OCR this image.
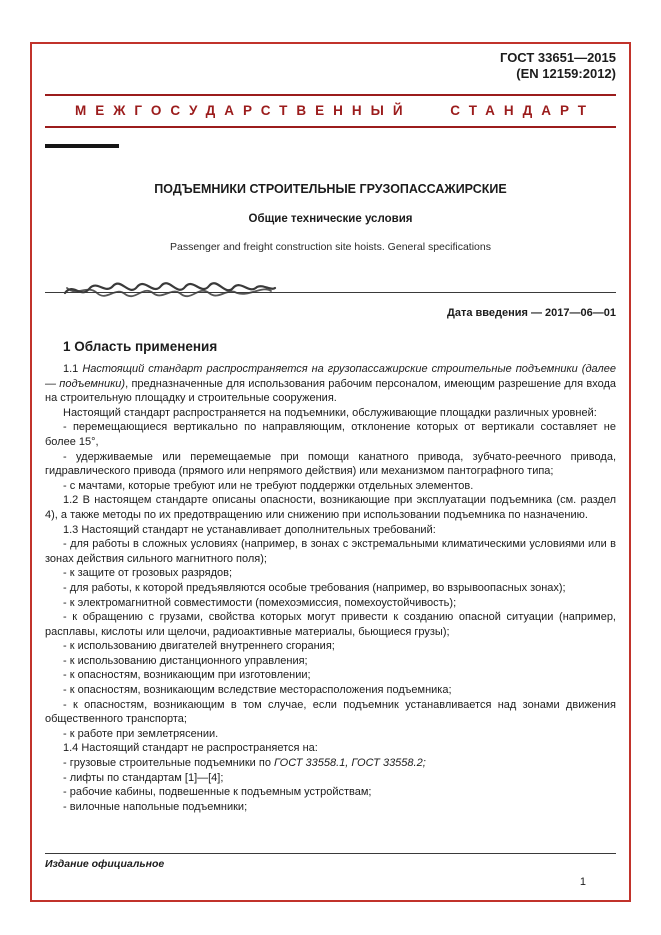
ГОСТ 33651—2015
(EN 12159:2012)
МЕЖГОСУДАРСТВЕННЫЙ СТАНДАРТ
ПОДЪЕМНИКИ СТРОИТЕЛЬНЫЕ ГРУЗОПАССАЖИРСКИЕ
Общие технические условия
Passenger and freight construction site hoists. General specifications
Дата введения — 2017—06—01
1 Область применения

1.1 Настоящий стандарт распространяется на грузопассажирские строительные подъемники (далее — подъемники), предназначенные для использования рабочим персоналом, имеющим разрешение для входа на строительную площадку и строительные сооружения.

Настоящий стандарт распространяется на подъемники, обслуживающие площадки различных уровней:

- перемещающиеся вертикально по направляющим, отклонение которых от вертикали составляет не более 15°,

- удерживаемые или перемещаемые при помощи канатного привода, зубчато-реечного привода, гидравлического привода (прямого или непрямого действия) или механизмом пантографного типа;

- с мачтами, которые требуют или не требуют поддержки отдельных элементов.

1.2 В настоящем стандарте описаны опасности, возникающие при эксплуатации подъемника (см. раздел 4), а также методы по их предотвращению или снижению при использовании подъемника по назначению.

1.3 Настоящий стандарт не устанавливает дополнительных требований:

- для работы в сложных условиях (например, в зонах с экстремальными климатическими условиями или в зонах действия сильного магнитного поля);

- к защите от грозовых разрядов;

- для работы, к которой предъявляются особые требования (например, во взрывоопасных зонах);

- к электромагнитной совместимости (помехоэмиссия, помехоустойчивость);

- к обращению с грузами, свойства которых могут привести к созданию опасной ситуации (например, расплавы, кислоты или щелочи, радиоактивные материалы, бьющиеся грузы);

- к использованию двигателей внутреннего сгорания;

- к использованию дистанционного управления;

- к опасностям, возникающим при изготовлении;

- к опасностям, возникающим вследствие месторасположения подъемника;

- к опасностям, возникающим в том случае, если подъемник устанавливается над зонами движения общественного транспорта;

- к работе при землетрясении.

1.4 Настоящий стандарт не распространяется на:

- грузовые строительные подъемники по ГОСТ 33558.1, ГОСТ 33558.2;

- лифты по стандартам [1]—[4];

- рабочие кабины, подвешенные к подъемным устройствам;

- вилочные напольные подъемники;

Издание официальное
1
